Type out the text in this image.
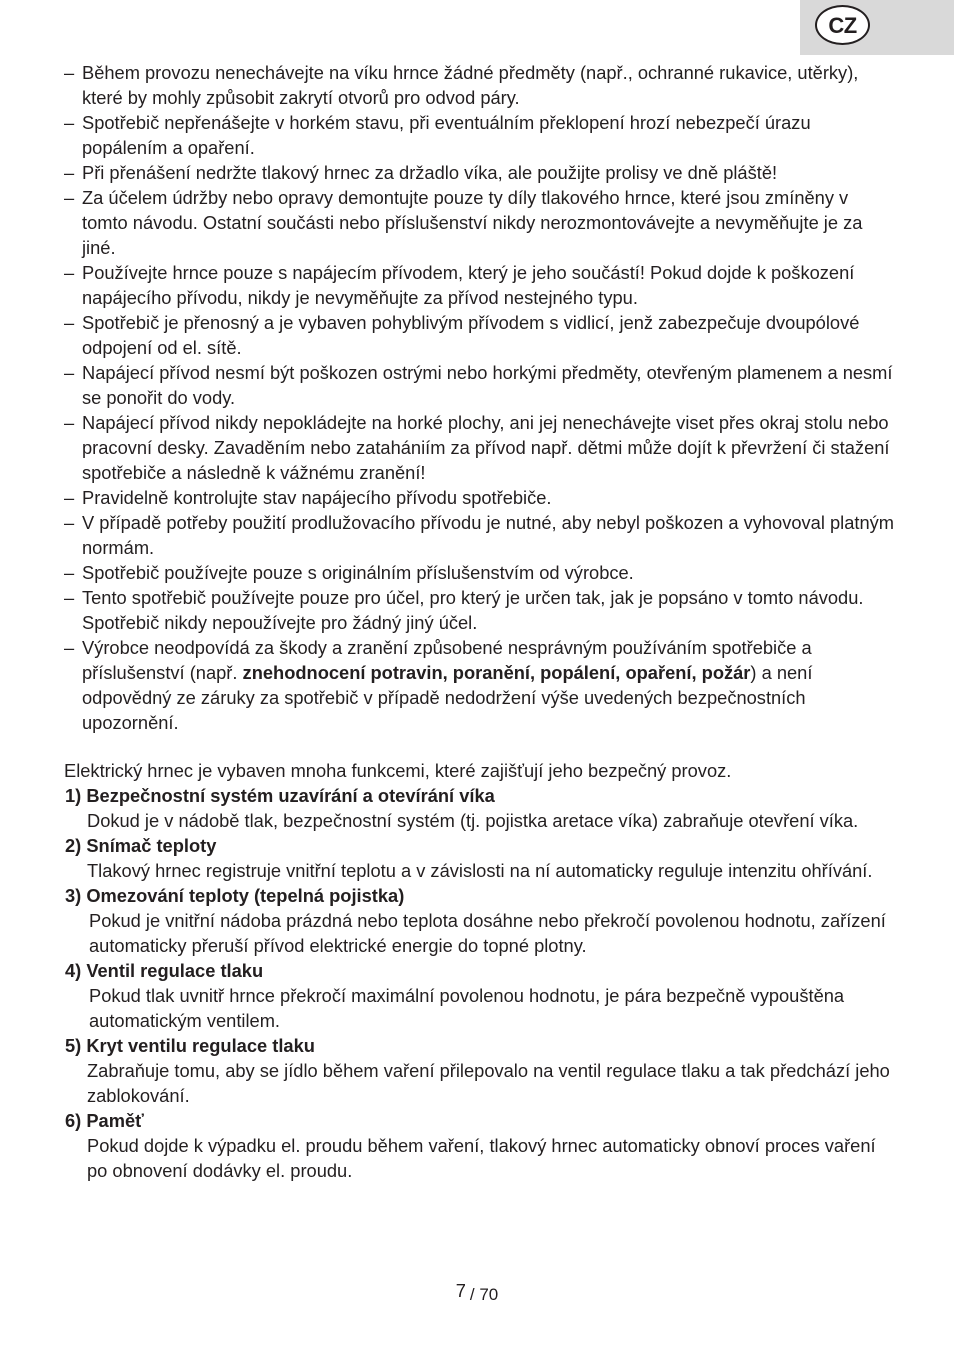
CZ
– Během provozu nenechávejte na víku hrnce žádné předměty (např., ochranné rukavice, utěrky), které by mohly způsobit zakrytí otvorů pro odvod páry.
– Spotřebič nepřenášejte v horkém stavu, při eventuálním překlopení hrozí nebezpečí úrazu popálením a opaření.
– Při přenášení nedržte tlakový hrnec za držadlo víka, ale použijte prolisy ve dně pláště!
– Za účelem údržby nebo opravy demontujte pouze ty díly tlakového hrnce, které jsou zmíněny v tomto návodu. Ostatní součásti nebo příslušenství nikdy nerozmontovávejte a nevyměňujte je za jiné.
– Používejte hrnce pouze s napájecím přívodem, který je jeho součástí! Pokud dojde k poškození napájecího přívodu, nikdy je nevyměňujte za přívod nestejného typu.
– Spotřebič je přenosný a je vybaven pohyblivým přívodem s vidlicí, jenž zabezpečuje dvoupólové odpojení od el. sítě.
– Napájecí přívod nesmí být poškozen ostrými nebo horkými předměty, otevřeným plamenem a nesmí se ponořit do vody.
– Napájecí přívod nikdy nepokládejte na horké plochy, ani jej nenechávejte viset přes okraj stolu nebo pracovní desky. Zavaděním nebo zatahániím za přívod např. dětmi může dojít k převržení či stažení spotřebiče a následně k vážnému zranění!
– Pravidelně kontrolujte stav napájecího přívodu spotřebiče.
– V případě potřeby použití prodlužovacího přívodu je nutné, aby nebyl poškozen a vyhovoval platným normám.
– Spotřebič používejte pouze s originálním příslušenstvím od výrobce.
– Tento spotřebič používejte pouze pro účel, pro který je určen tak, jak je popsáno v tomto návodu. Spotřebič nikdy nepoužívejte pro žádný jiný účel.
– Výrobce neodpovídá za škody a zranění způsobené nesprávným používáním spotřebiče a příslušenství (např. znehodnocení potravin, poranění, popálení, opaření, požár) a není odpovědný ze záruky za spotřebič v případě nedodržení výše uvedených bezpečnostních upozornění.
Elektrický hrnec je vybaven mnoha funkcemi, které zajišťují jeho bezpečný provoz.
1) Bezpečnostní systém uzavírání a otevírání víka
Dokud je v nádobě tlak, bezpečnostní systém (tj. pojistka aretace víka) zabraňuje otevření víka.
2) Snímač teploty
Tlakový hrnec registruje vnitřní teplotu a v závislosti na ní automaticky reguluje intenzitu ohřívání.
3) Omezování teploty (tepelná pojistka)
Pokud je vnitřní nádoba prázdná nebo teplota dosáhne nebo překročí povolenou hodnotu, zařízení automaticky přeruší přívod elektrické energie do topné plotny.
4) Ventil regulace tlaku
Pokud tlak uvnitř hrnce překročí maximální povolenou hodnotu, je pára bezpečně vypouštěna automatickým ventilem.
5) Kryt ventilu regulace tlaku
Zabraňuje tomu, aby se jídlo během vaření přilepovalo na ventil regulace tlaku a tak předchází jeho zablokování.
6) Paměť
Pokud dojde k výpadku el. proudu během vaření, tlakový hrnec automaticky obnoví proces vaření po obnovení dodávky el. proudu.
7 / 70
